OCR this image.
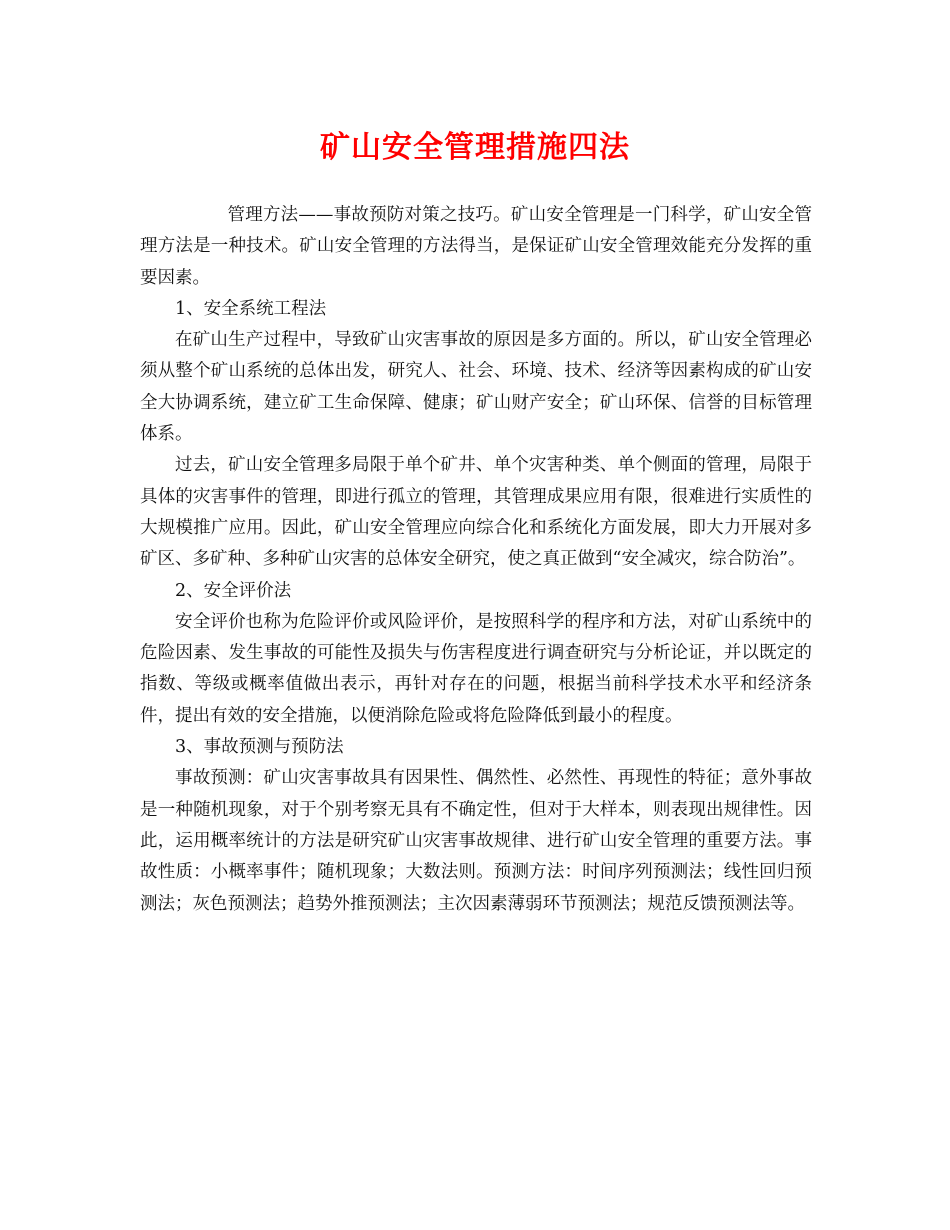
矿山安全管理措施四法

管理方法——事故预防对策之技巧。矿山安全管理是一门科学，矿山安全管理方法是一种技术。矿山安全管理的方法得当，是保证矿山安全管理效能充分发挥的重要因素。

1、安全系统工程法

在矿山生产过程中，导致矿山灾害事故的原因是多方面的。所以，矿山安全管理必须从整个矿山系统的总体出发，研究人、社会、环境、技术、经济等因素构成的矿山安全大协调系统，建立矿工生命保障、健康；矿山财产安全；矿山环保、信誉的目标管理体系。

过去，矿山安全管理多局限于单个矿井、单个灾害种类、单个侧面的管理，局限于具体的灾害事件的管理，即进行孤立的管理，其管理成果应用有限，很难进行实质性的大规模推广应用。因此，矿山安全管理应向综合化和系统化方面发展，即大力开展对多矿区、多矿种、多种矿山灾害的总体安全研究，使之真正做到“安全减灾，综合防治”。

2、安全评价法

安全评价也称为危险评价或风险评价，是按照科学的程序和方法，对矿山系统中的危险因素、发生事故的可能性及损失与伤害程度进行调查研究与分析论证，并以既定的指数、等级或概率值做出表示，再针对存在的问题，根据当前科学技术水平和经济条件，提出有效的安全措施，以便消除危险或将危险降低到最小的程度。

3、事故预测与预防法

事故预测：矿山灾害事故具有因果性、偶然性、必然性、再现性的特征；意外事故是一种随机现象，对于个别考察无具有不确定性，但对于大样本，则表现出规律性。因此，运用概率统计的方法是研究矿山灾害事故规律、进行矿山安全管理的重要方法。事故性质：小概率事件；随机现象；大数法则。预测方法：时间序列预测法；线性回归预测法；灰色预测法；趋势外推预测法；主次因素薄弱环节预测法；规范反馈预测法等。
